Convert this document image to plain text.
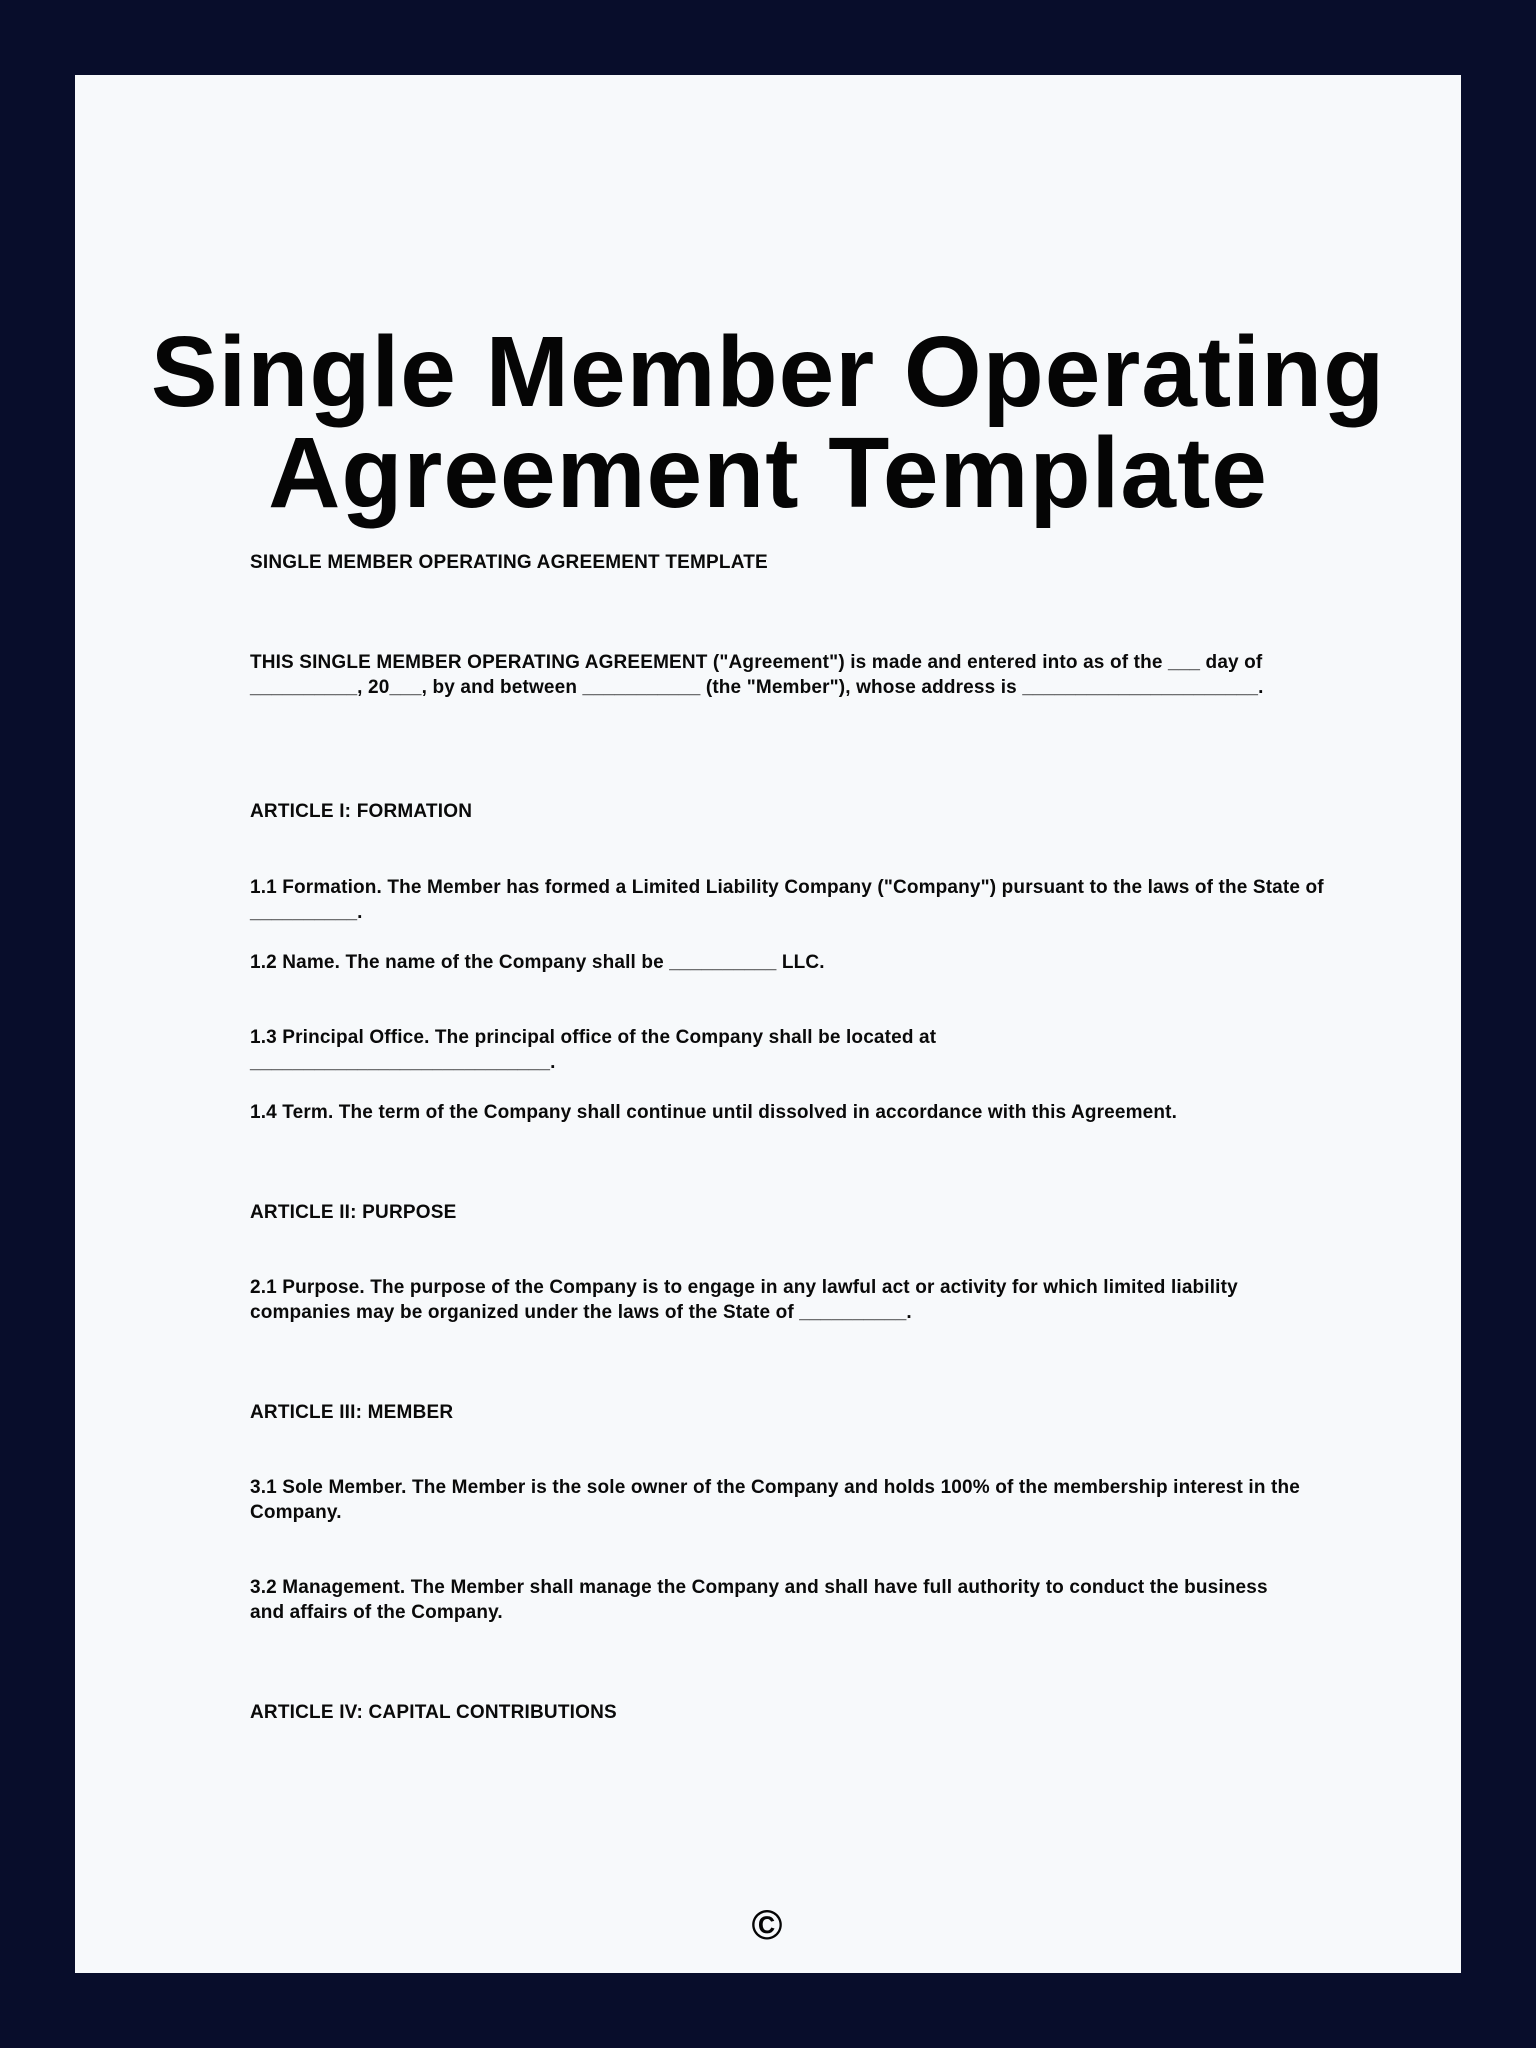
Single Member Operating
Agreement Template

SINGLE MEMBER OPERATING AGREEMENT TEMPLATE

THIS SINGLE MEMBER OPERATING AGREEMENT ("Agreement") is made and entered into as of the ___ day of __________, 20___, by and between ___________ (the "Member"), whose address is ______________________.

ARTICLE I: FORMATION

1.1 Formation. The Member has formed a Limited Liability Company ("Company") pursuant to the laws of the State of __________.

1.2 Name. The name of the Company shall be __________ LLC.

1.3 Principal Office. The principal office of the Company shall be located at ____________________________.

1.4 Term. The term of the Company shall continue until dissolved in accordance with this Agreement.

ARTICLE II: PURPOSE

2.1 Purpose. The purpose of the Company is to engage in any lawful act or activity for which limited liability companies may be organized under the laws of the State of __________.

ARTICLE III: MEMBER

3.1 Sole Member. The Member is the sole owner of the Company and holds 100% of the membership interest in the Company.

3.2 Management. The Member shall manage the Company and shall have full authority to conduct the business and affairs of the Company.

ARTICLE IV: CAPITAL CONTRIBUTIONS

©
